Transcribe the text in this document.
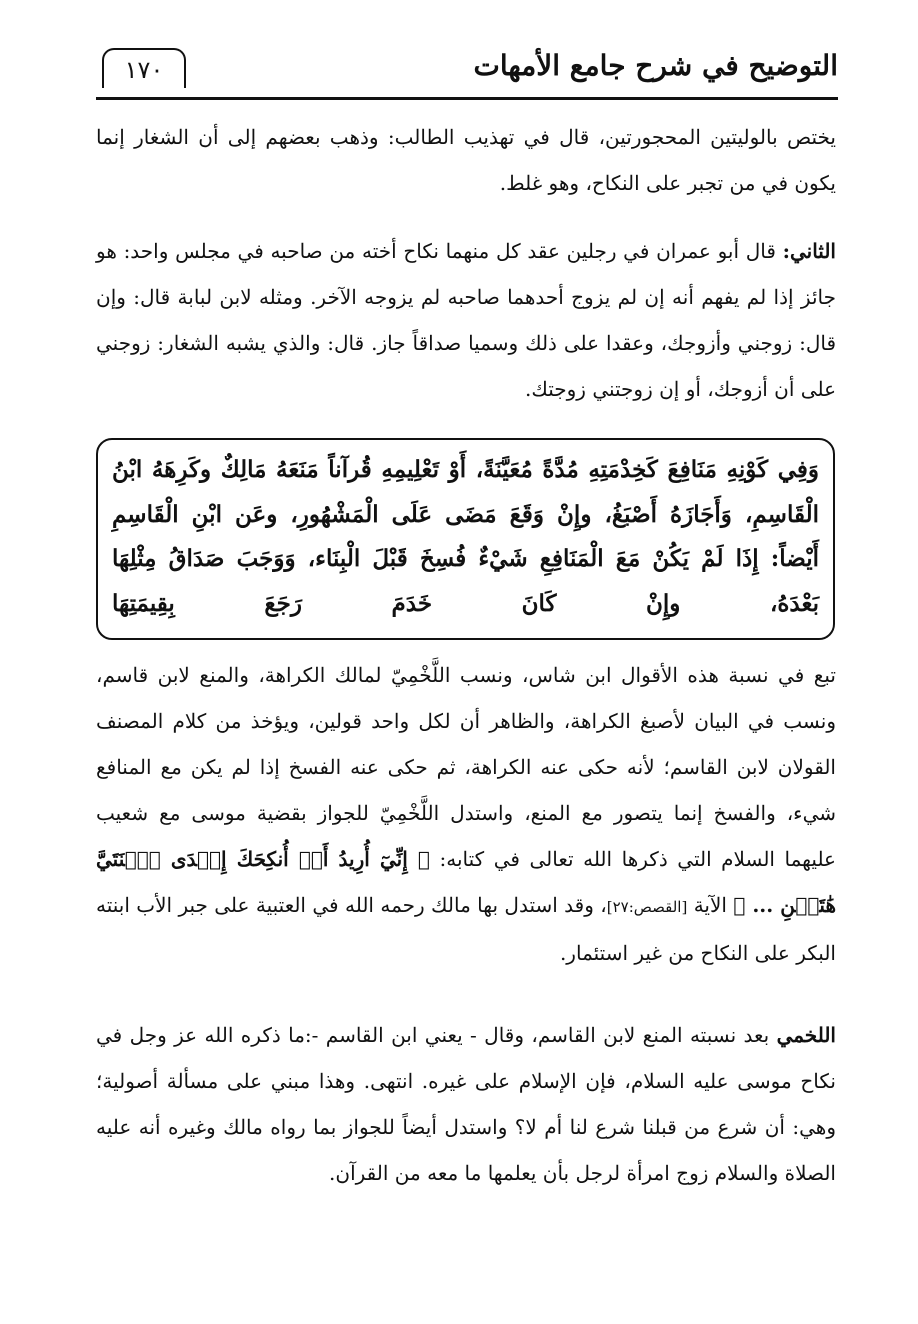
التوضيح في شرح جامع الأمهات
١٧٠
يختص بالوليتين المحجورتين، قال في تهذيب الطالب: وذهب بعضهم إلى أن الشغار إنما يكون في من تجبر على النكاح، وهو غلط.
الثاني: قال أبو عمران في رجلين عقد كل منهما نكاح أخته من صاحبه في مجلس واحد: هو جائز إذا لم يفهم أنه إن لم يزوج أحدهما صاحبه لم يزوجه الآخر. ومثله لابن لبابة قال: وإن قال: زوجني وأزوجك، وعقدا على ذلك وسميا صداقاً جاز. قال: والذي يشبه الشغار: زوجني على أن أزوجك، أو إن زوجتني زوجتك.
وَفِي كَوْنِهِ مَنَافِعَ كَخِدْمَتِهِ مُدَّةً مُعَيَّنَةً، أَوْ تَعْلِيمِهِ قُرآناً مَنَعَهُ مَالِكٌ وكَرِهَهُ ابْنُ الْقَاسِمِ، وَأَجَازَهُ أَصْبَغُ، وإِنْ وَقَعَ مَضَى عَلَى الْمَشْهُورِ، وعَن ابْنِ الْقَاسِمِ أَيْضاً: إِذَا لَمْ يَكُنْ مَعَ الْمَنَافِعِ شَيْءٌ فُسِخَ قَبْلَ الْبِنَاء، وَوَجَبَ صَدَاقُ مِثْلِهَا بَعْدَهُ، وإِنْ كَانَ خَدَمَ رَجَعَ بِقِيمَتِهَا
تبع في نسبة هذه الأقوال ابن شاس، ونسب اللَّخْمِيّ لمالك الكراهة، والمنع لابن قاسم، ونسب في البيان لأصبغ الكراهة، والظاهر أن لكل واحد قولين، ويؤخذ من كلام المصنف القولان لابن القاسم؛ لأنه حكى عنه الكراهة، ثم حكى عنه الفسخ إذا لم يكن مع المنافع شيء، والفسخ إنما يتصور مع المنع، واستدل اللَّخْمِيّ للجواز بقضية موسى مع شعيب عليهما السلام التي ذكرها الله تعالى في كتابه: ﴿ إِنِّيٓ أُرِيدُ أَنۡ أُنكِحَكَ إِحۡدَى ٱبۡنَتَيَّ هَٰتَيۡنِ ... ﴾ الآية [القصص:٢٧]، وقد استدل بها مالك رحمه الله في العتبية على جبر الأب ابنته البكر على النكاح من غير استئمار.
اللخمي بعد نسبته المنع لابن القاسم، وقال - يعني ابن القاسم -:ما ذكره الله عز وجل في نكاح موسى عليه السلام، فإن الإسلام على غيره. انتهى. وهذا مبني على مسألة أصولية؛ وهي: أن شرع من قبلنا شرع لنا أم لا؟ واستدل أيضاً للجواز بما رواه مالك وغيره أنه عليه الصلاة والسلام زوج امرأة لرجل بأن يعلمها ما معه من القرآن.
